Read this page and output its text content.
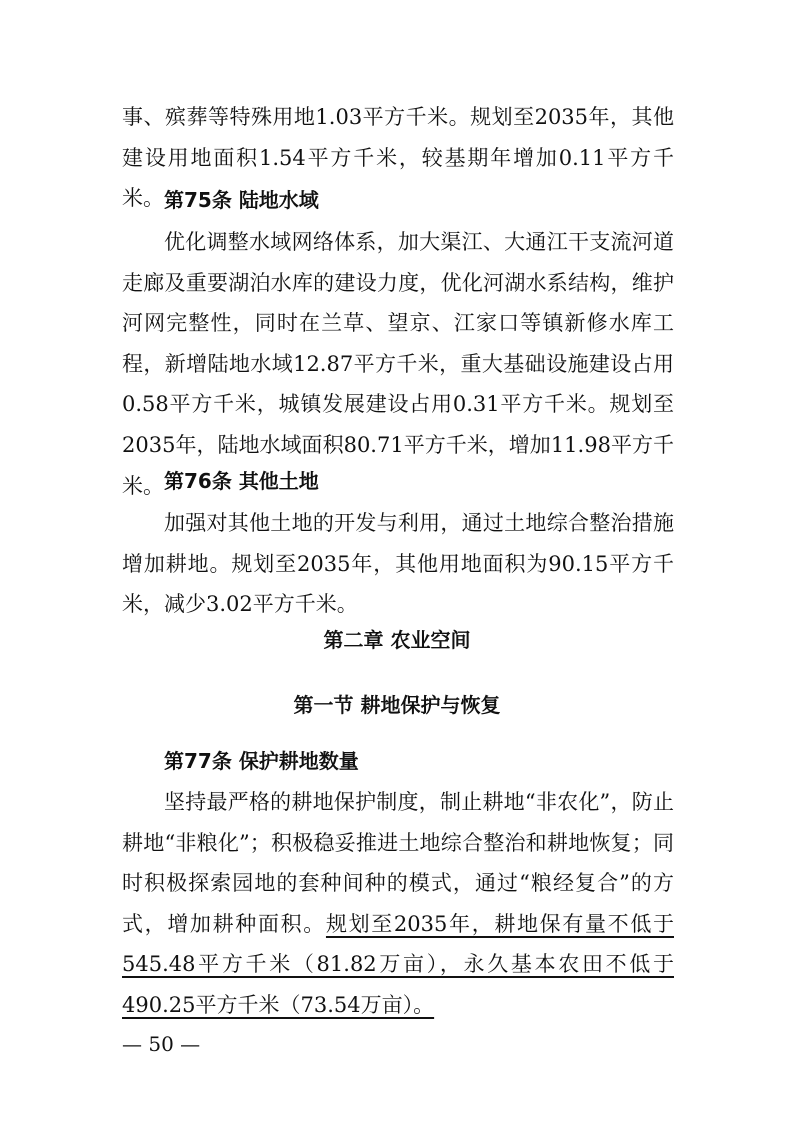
事、殡葬等特殊用地1.03平方千米。规划至2035年，其他建设用地面积1.54平方千米，较基期年增加0.11平方千米。 第75条 陆地水域

优化调整水域网络体系，加大渠江、大通江干支流河道走廊及重要湖泊水库的建设力度，优化河湖水系结构，维护河网完整性，同时在兰草、望京、江家口等镇新修水库工程，新增陆地水域12.87平方千米，重大基础设施建设占用0.58平方千米，城镇发展建设占用0.31平方千米。规划至2035年，陆地水域面积80.71平方千米，增加11.98平方千米。 第76条 其他土地

加强对其他土地的开发与利用，通过土地综合整治措施增加耕地。规划至2035年，其他用地面积为90.15平方千米，减少3.02平方千米。

第二章 农业空间
第一节 耕地保护与恢复
第77条 保护耕地数量

坚持最严格的耕地保护制度，制止耕地“非农化”，防止耕地“非粮化”；积极稳妥推进土地综合整治和耕地恢复；同时积极探索园地的套种间种的模式，通过“粮经复合”的方式，增加耕种面积。规划至2035年，耕地保有量不低于545.48平方千米（81.82万亩），永久基本农田不低于490.25平方千米（73.54万亩）。

— 50 —
